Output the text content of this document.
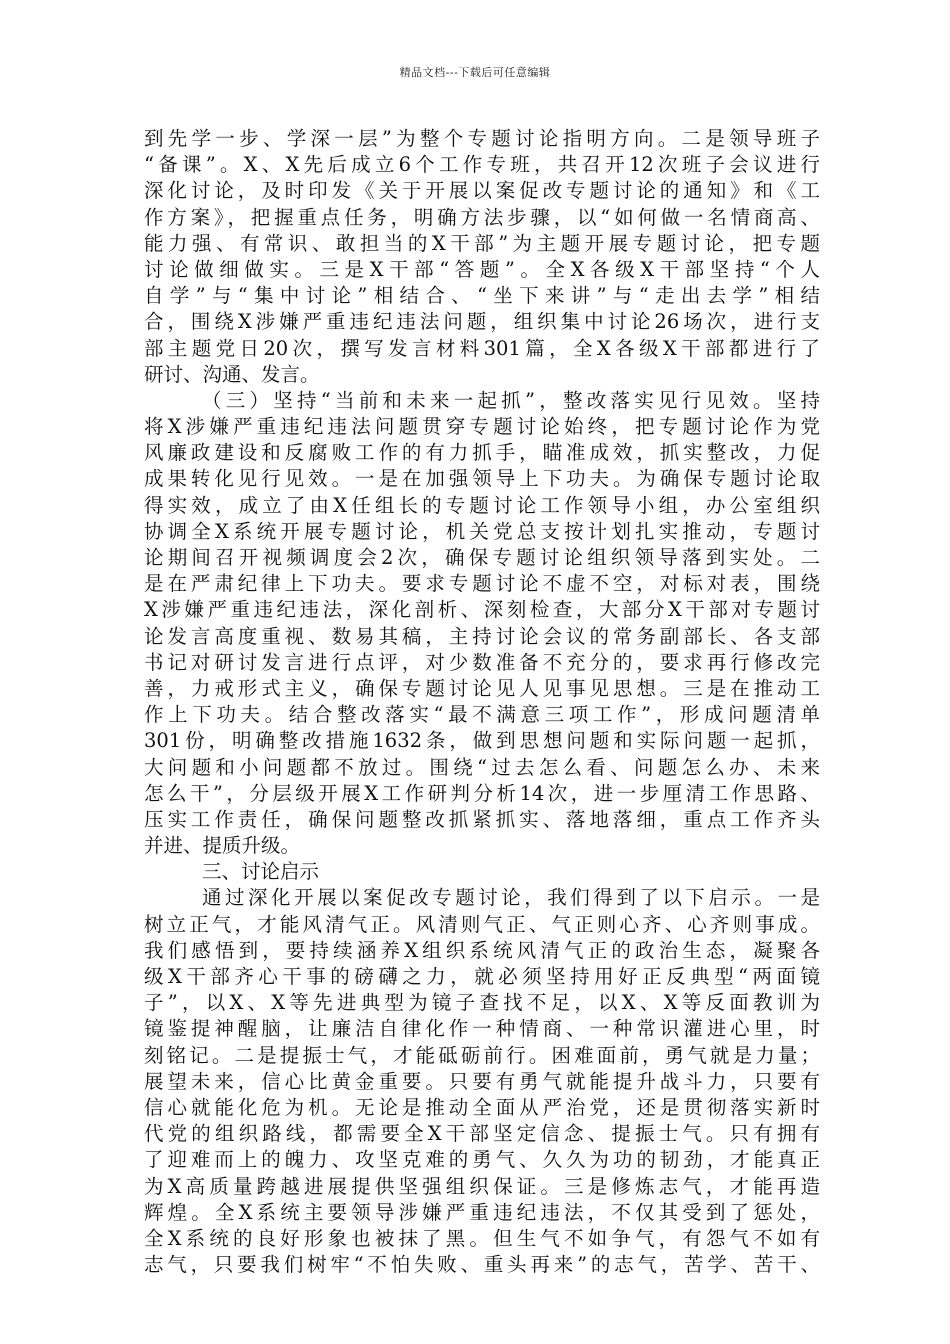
精品文档---下载后可任意编辑
到先学一步、学深一层”为整个专题讨论指明方向。二是领导班子
“备课”。X、X先后成立6个工作专班，共召开12次班子会议进行
深化讨论，及时印发《关于开展以案促改专题讨论的通知》和《工
作方案》，把握重点任务，明确方法步骤，以“如何做一名情商高、
能力强、有常识、敢担当的X干部”为主题开展专题讨论，把专题
讨论做细做实。三是X干部“答题”。全X各级X干部坚持“个人
自学”与“集中讨论”相结合、“坐下来讲”与“走出去学”相结
合，围绕X涉嫌严重违纪违法问题，组织集中讨论26场次，进行支
部主题党日20次，撰写发言材料301篇，全X各级X干部都进行了
研讨、沟通、发言。
（三）坚持“当前和未来一起抓”，整改落实见行见效。坚持
将X涉嫌严重违纪违法问题贯穿专题讨论始终，把专题讨论作为党
风廉政建设和反腐败工作的有力抓手，瞄准成效，抓实整改，力促
成果转化见行见效。一是在加强领导上下功夫。为确保专题讨论取
得实效，成立了由X任组长的专题讨论工作领导小组，办公室组织
协调全X系统开展专题讨论，机关党总支按计划扎实推动，专题讨
论期间召开视频调度会2次，确保专题讨论组织领导落到实处。二
是在严肃纪律上下功夫。要求专题讨论不虚不空，对标对表，围绕
X涉嫌严重违纪违法，深化剖析、深刻检查，大部分X干部对专题讨
论发言高度重视、数易其稿，主持讨论会议的常务副部长、各支部
书记对研讨发言进行点评，对少数准备不充分的，要求再行修改完
善，力戒形式主义，确保专题讨论见人见事见思想。三是在推动工
作上下功夫。结合整改落实“最不满意三项工作”，形成问题清单
301份，明确整改措施1632条，做到思想问题和实际问题一起抓，
大问题和小问题都不放过。围绕“过去怎么看、问题怎么办、未来
怎么干”，分层级开展X工作研判分析14次，进一步厘清工作思路、
压实工作责任，确保问题整改抓紧抓实、落地落细，重点工作齐头
并进、提质升级。
三、讨论启示
通过深化开展以案促改专题讨论，我们得到了以下启示。一是
树立正气，才能风清气正。风清则气正、气正则心齐、心齐则事成。
我们感悟到，要持续涵养X组织系统风清气正的政治生态，凝聚各
级X干部齐心干事的磅礴之力，就必须坚持用好正反典型“两面镜
子”，以X、X等先进典型为镜子查找不足，以X、X等反面教训为
镜鉴提神醒脑，让廉洁自律化作一种情商、一种常识灌进心里，时
刻铭记。二是提振士气，才能砥砺前行。困难面前，勇气就是力量；
展望未来，信心比黄金重要。只要有勇气就能提升战斗力，只要有
信心就能化危为机。无论是推动全面从严治党，还是贯彻落实新时
代党的组织路线，都需要全X干部坚定信念、提振士气。只有拥有
了迎难而上的魄力、攻坚克难的勇气、久久为功的韧劲，才能真正
为X高质量跨越进展提供坚强组织保证。三是修炼志气，才能再造
辉煌。全X系统主要领导涉嫌严重违纪违法，不仅其受到了惩处，
全X系统的良好形象也被抹了黑。但生气不如争气，有怨气不如有
志气，只要我们树牢“不怕失败、重头再来”的志气，苦学、苦干、
